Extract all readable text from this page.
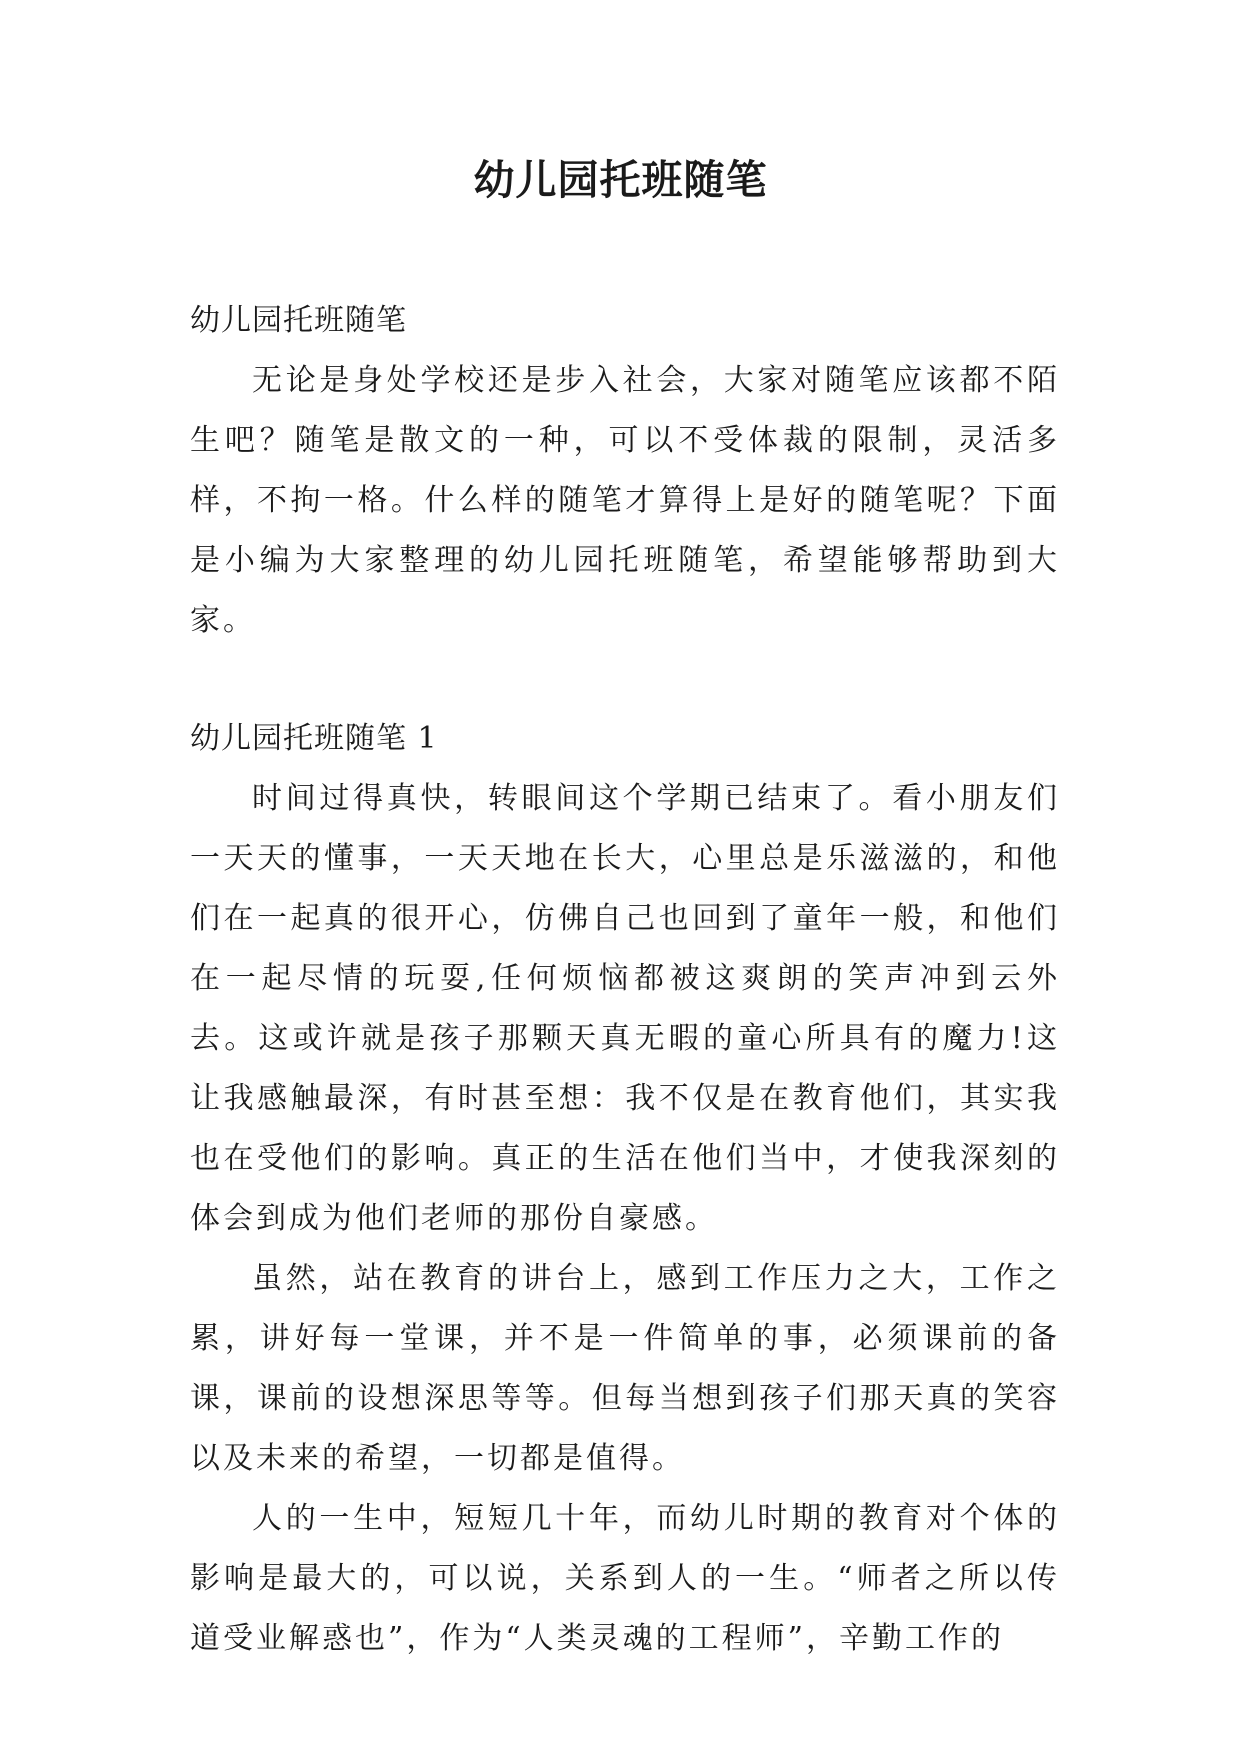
幼儿园托班随笔

幼儿园托班随笔

无论是身处学校还是步入社会，大家对随笔应该都不陌生吧？随笔是散文的一种，可以不受体裁的限制，灵活多样，不拘一格。什么样的随笔才算得上是好的随笔呢？下面是小编为大家整理的幼儿园托班随笔，希望能够帮助到大家。

幼儿园托班随笔 1

时间过得真快，转眼间这个学期已结束了。看小朋友们一天天的懂事，一天天地在长大，心里总是乐滋滋的，和他们在一起真的很开心，仿佛自己也回到了童年一般，和他们在一起尽情的玩耍,任何烦恼都被这爽朗的笑声冲到云外去。这或许就是孩子那颗天真无暇的童心所具有的魔力!这让我感触最深，有时甚至想：我不仅是在教育他们，其实我也在受他们的影响。真正的生活在他们当中，才使我深刻的体会到成为他们老师的那份自豪感。

虽然，站在教育的讲台上，感到工作压力之大，工作之累，讲好每一堂课，并不是一件简单的事，必须课前的备课，课前的设想深思等等。但每当想到孩子们那天真的笑容以及未来的希望，一切都是值得。

人的一生中，短短几十年，而幼儿时期的教育对个体的影响是最大的，可以说，关系到人的一生。“师者之所以传道受业解惑也”，作为“人类灵魂的工程师”，辛勤工作的
